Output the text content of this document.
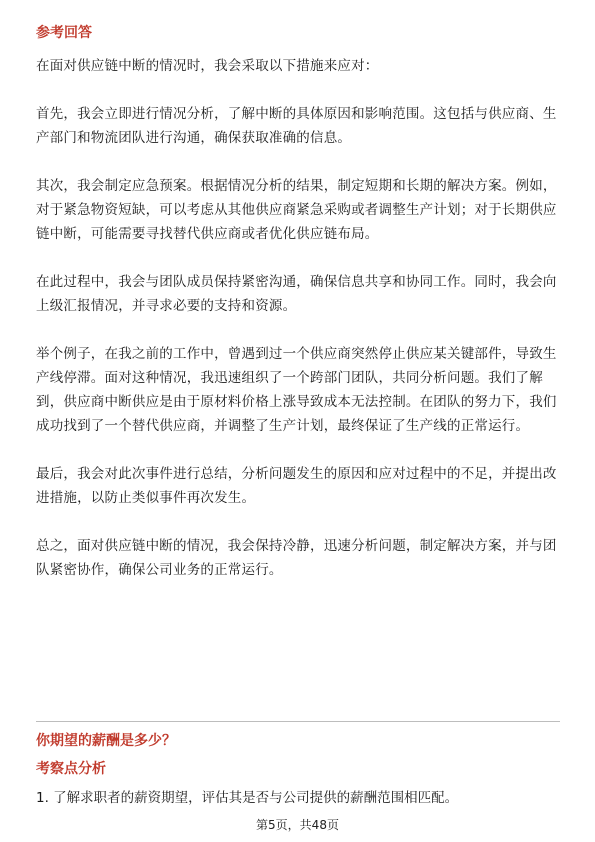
参考回答

在面对供应链中断的情况时，我会采取以下措施来应对：

首先，我会立即进行情况分析，了解中断的具体原因和影响范围。这包括与供应商、生产部门和物流团队进行沟通，确保获取准确的信息。

其次，我会制定应急预案。根据情况分析的结果，制定短期和长期的解决方案。例如，对于紧急物资短缺，可以考虑从其他供应商紧急采购或者调整生产计划；对于长期供应链中断，可能需要寻找替代供应商或者优化供应链布局。

在此过程中，我会与团队成员保持紧密沟通，确保信息共享和协同工作。同时，我会向上级汇报情况，并寻求必要的支持和资源。

举个例子，在我之前的工作中，曾遇到过一个供应商突然停止供应某关键部件，导致生产线停滞。面对这种情况，我迅速组织了一个跨部门团队，共同分析问题。我们了解到，供应商中断供应是由于原材料价格上涨导致成本无法控制。在团队的努力下，我们成功找到了一个替代供应商，并调整了生产计划，最终保证了生产线的正常运行。

最后，我会对此次事件进行总结，分析问题发生的原因和应对过程中的不足，并提出改进措施，以防止类似事件再次发生。

总之，面对供应链中断的情况，我会保持冷静，迅速分析问题，制定解决方案，并与团队紧密协作，确保公司业务的正常运行。

你期望的薪酬是多少？
考察点分析
1. 了解求职者的薪资期望，评估其是否与公司提供的薪酬范围相匹配。
第5页，共48页
